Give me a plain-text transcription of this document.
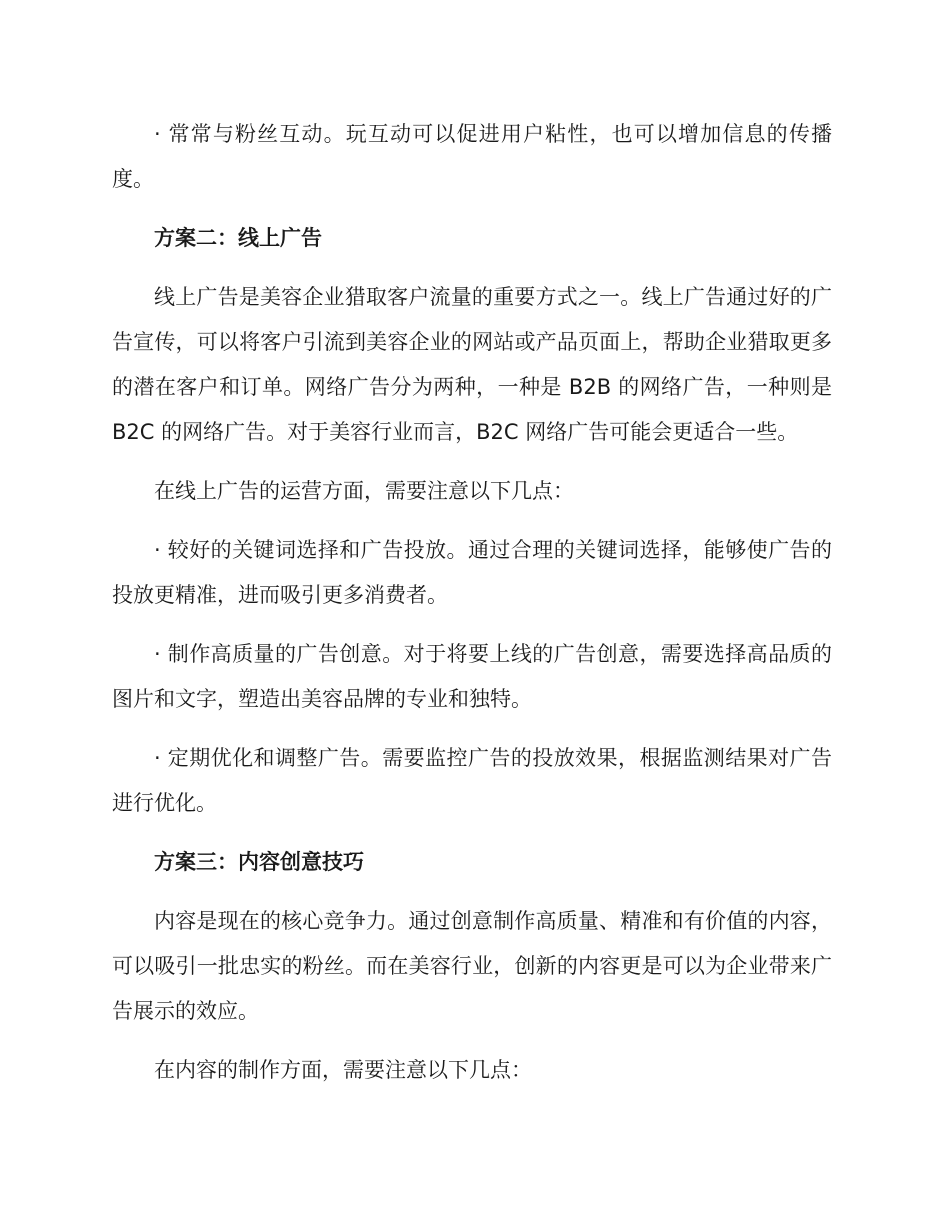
· 常常与粉丝互动。玩互动可以促进用户粘性，也可以增加信息的传播度。

方案二：线上广告

线上广告是美容企业猎取客户流量的重要方式之一。线上广告通过好的广告宣传，可以将客户引流到美容企业的网站或产品页面上，帮助企业猎取更多的潜在客户和订单。网络广告分为两种，一种是 B2B 的网络广告，一种则是 B2C 的网络广告。对于美容行业而言，B2C 网络广告可能会更适合一些。

在线上广告的运营方面，需要注意以下几点：

· 较好的关键词选择和广告投放。通过合理的关键词选择，能够使广告的投放更精准，进而吸引更多消费者。

· 制作高质量的广告创意。对于将要上线的广告创意，需要选择高品质的图片和文字，塑造出美容品牌的专业和独特。

· 定期优化和调整广告。需要监控广告的投放效果，根据监测结果对广告进行优化。

方案三：内容创意技巧

内容是现在的核心竞争力。通过创意制作高质量、精准和有价值的内容，可以吸引一批忠实的粉丝。而在美容行业，创新的内容更是可以为企业带来广告展示的效应。

在内容的制作方面，需要注意以下几点：
